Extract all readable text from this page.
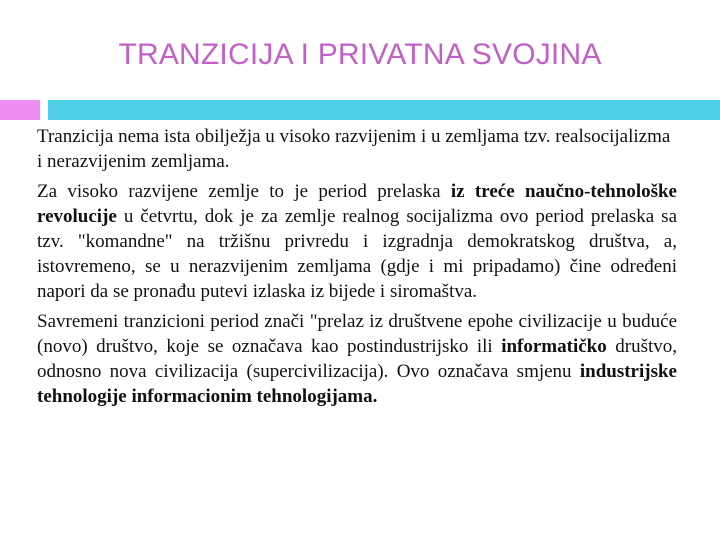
TRANZICIJA I PRIVATNA SVOJINA

Tranzicija nema ista obilježja u visoko razvijenim i u zemljama tzv. realsocijalizma i nerazvijenim zemljama.

Za visoko razvijene zemlje to je period prelaska iz treće naučno-tehnološke revolucije u četvrtu, dok je za zemlje realnog socijalizma ovo period prelaska sa tzv. "komandne" na tržišnu privredu i izgradnja demokratskog društva, a, istovremeno, se u nerazvijenim zemljama (gdje i mi pripadamo) čine određeni napori da se pronađu putevi izlaska iz bijede i siromaštva.

Savremeni tranzicioni period znači "prelaz iz društvene epohe civilizacije u buduće (novo) društvo, koje se označava kao postindustrijsko ili informatičko društvo, odnosno nova civilizacija (supercivilizacija). Ovo označava smjenu industrijske tehnologije informacionim tehnologijama.
